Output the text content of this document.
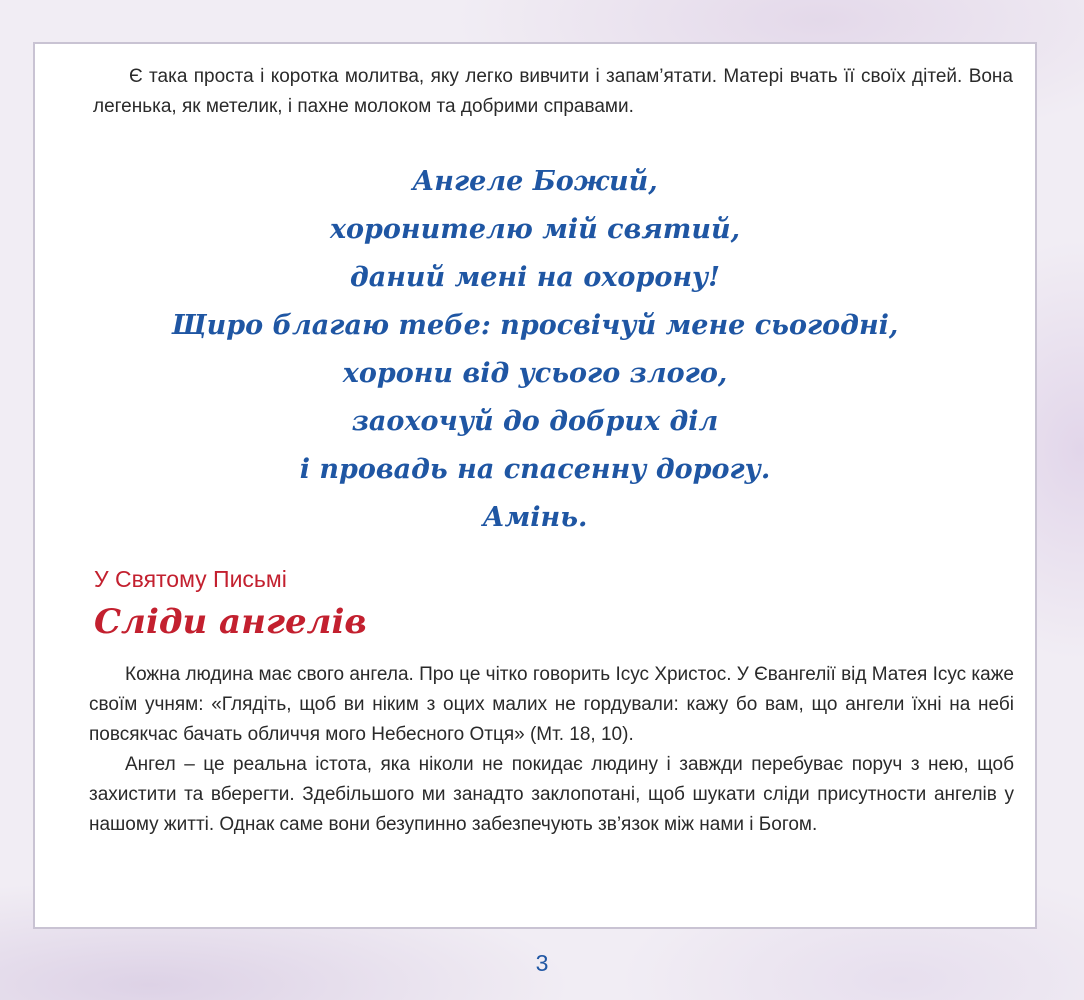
Є така проста і коротка молитва, яку легко вивчити і запам’ятати. Матері вчать її своїх дітей. Вона легенька, як метелик, і пахне молоком та добрими справами.

Ангеле Божий,
хоронителю мій святий,
даний мені на охорону!
Щиро благаю тебе: просвічуй мене сьогодні,
хорони від усього злого,
заохочуй до добрих діл
і провадь на спасенну дорогу.
Амінь.
У Святому Письмі
Сліди ангелів

Кожна людина має свого ангела. Про це чітко говорить Ісус Христос. У Євангелії від Матея Ісус каже своїм учням: «Глядіть, щоб ви ніким з оцих малих не гордували: кажу бо вам, що ангели їхні на небі повсякчас бачать обличчя мого Небесного Отця» (Мт. 18, 10).

Ангел – це реальна істота, яка ніколи не покидає людину і завжди перебуває поруч з нею, щоб захистити та вберегти. Здебільшого ми занадто заклопотані, щоб шукати сліди присутности ангелів у нашому житті. Однак саме вони безупинно забезпечують зв’язок між нами і Богом.

3
